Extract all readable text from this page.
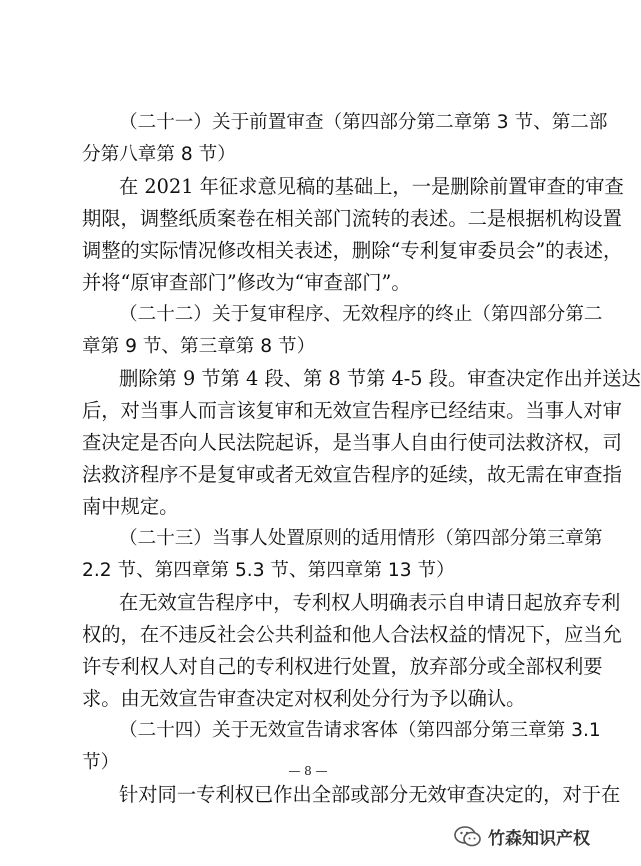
（二十一）关于前置审查（第四部分第二章第 3 节、第二部
分第八章第 8 节）
在 2021 年征求意见稿的基础上，一是删除前置审查的审查
期限，调整纸质案卷在相关部门流转的表述。二是根据机构设置
调整的实际情况修改相关表述，删除“专利复审委员会”的表述，
并将“原审查部门”修改为“审查部门”。
（二十二）关于复审程序、无效程序的终止（第四部分第二
章第 9 节、第三章第 8 节）
删除第 9 节第 4 段、第 8 节第 4-5 段。审查决定作出并送达
后，对当事人而言该复审和无效宣告程序已经结束。当事人对审
查决定是否向人民法院起诉，是当事人自由行使司法救济权，司
法救济程序不是复审或者无效宣告程序的延续，故无需在审查指
南中规定。
（二十三）当事人处置原则的适用情形（第四部分第三章第
2.2 节、第四章第 5.3 节、第四章第 13 节）
在无效宣告程序中，专利权人明确表示自申请日起放弃专利
权的，在不违反社会公共利益和他人合法权益的情况下，应当允
许专利权人对自己的专利权进行处置，放弃部分或全部权利要
求。由无效宣告审查决定对权利处分行为予以确认。
（二十四）关于无效宣告请求客体（第四部分第三章第 3.1
节）
针对同一专利权已作出全部或部分无效审查决定的，对于在
— 8 —
竹森知识产权
